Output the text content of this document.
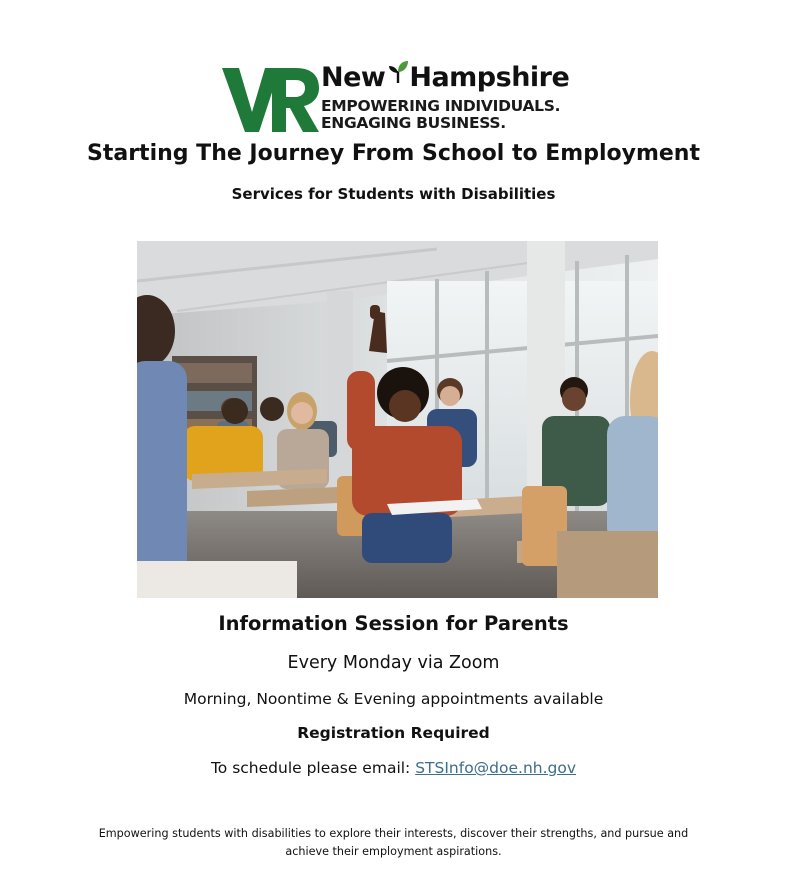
New Hampshire
EMPOWERING INDIVIDUALS.
ENGAGING BUSINESS.
Starting The Journey From School to Employment
Services for Students with Disabilities
Information Session for Parents
Every Monday via Zoom
Morning, Noontime & Evening appointments available
Registration Required
To schedule please email: STSInfo@doe.nh.gov
Empowering students with disabilities to explore their interests, discover their strengths, and pursue and achieve their employment aspirations.
